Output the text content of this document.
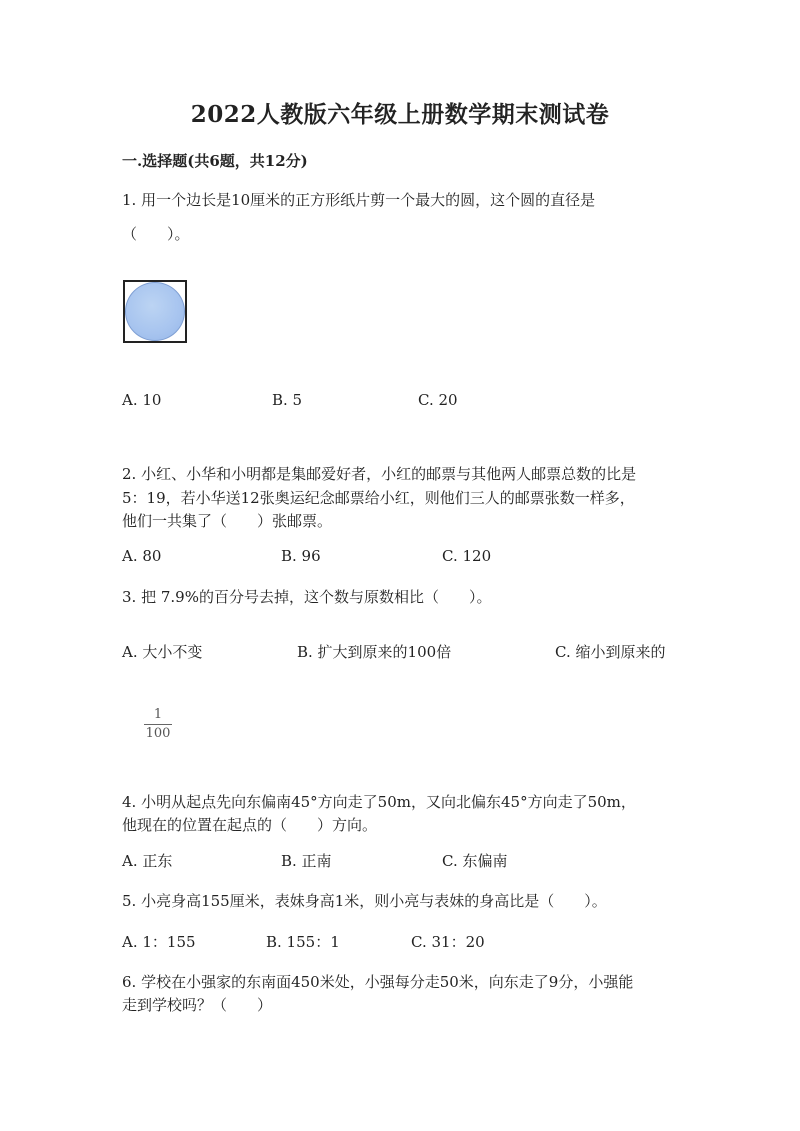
2022人教版六年级上册数学期末测试卷
一.选择题(共6题，共12分)
1. 用一个边长是10厘米的正方形纸片剪一个最大的圆，这个圆的直径是
（　　）。
A. 10	B. 5	C. 20
2. 小红、小华和小明都是集邮爱好者，小红的邮票与其他两人邮票总数的比是
5：19，若小华送12张奥运纪念邮票给小红，则他们三人的邮票张数一样多，
他们一共集了（　　）张邮票。
A. 80	B. 96	C. 120
3. 把 7.9%的百分号去掉，这个数与原数相比（　　）。
A. 大小不变	B. 扩大到原来的100倍	C. 缩小到原来的
1
100
4. 小明从起点先向东偏南45°方向走了50m，又向北偏东45°方向走了50m，
他现在的位置在起点的（　　）方向。
A. 正东	B. 正南	C. 东偏南
5. 小亮身高155厘米，表妹身高1米，则小亮与表妹的身高比是（　　）。
A. 1：155	B. 155：1	C. 31：20
6. 学校在小强家的东南面450米处，小强每分走50米，向东走了9分，小强能
走到学校吗？（　　）
